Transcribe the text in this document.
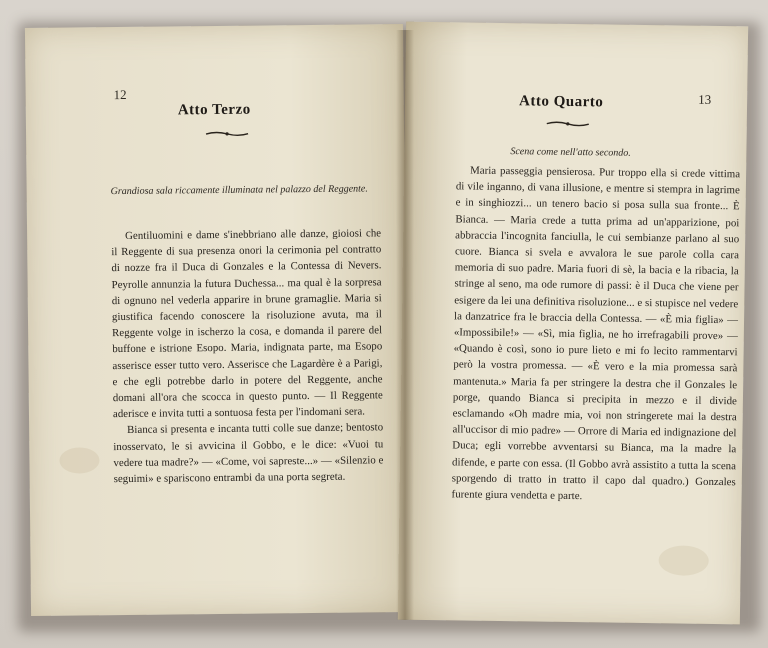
12
Atto Terzo
Grandiosa sala riccamente illuminata nel palazzo del Reggente.

Gentiluomini e dame s'inebbriano alle danze, gioiosi che il Reggente di sua presenza onori la cerimonia pel contratto di nozze fra il Duca di Gonzales e la Contessa di Nevers. Peyrolle annunzia la futura Duchessa... ma qual è la sorpresa di ognuno nel vederla apparire in brune gramaglie. Maria si giustifica facendo conoscere la risoluzione avuta, ma il Reggente volge in ischerzo la cosa, e domanda il parere del buffone e istrione Esopo. Maria, indignata parte, ma Esopo asserisce esser tutto vero. Asserisce che Lagardère è a Parigi, e che egli potrebbe darlo in potere del Reggente, anche domani all'ora che scocca in questo punto. — Il Reggente aderisce e invita tutti a sontuosa festa per l'indomani sera.

Bianca si presenta e incanta tutti colle sue danze; bentosto inosservato, le si avvicina il Gobbo, e le dice: «Vuoi tu vedere tua madre?» — «Come, voi sapreste...» — «Silenzio e seguimi» e spariscono entrambi da una porta segreta.

13
Atto Quarto
Scena come nell'atto secondo.

Maria passeggia pensierosa. Pur troppo ella si crede vittima di vile inganno, di vana illusione, e mentre si stempra in lagrime e in singhiozzi... un tenero bacio si posa sulla sua fronte... È Bianca. — Maria crede a tutta prima ad un'apparizione, poi abbraccia l'incognita fanciulla, le cui sembianze parlano al suo cuore. Bianca si svela e avvalora le sue parole colla cara memoria di suo padre. Maria fuori di sè, la bacia e la ribacia, la stringe al seno, ma ode rumore di passi: è il Duca che viene per esigere da lei una definitiva risoluzione... e si stupisce nel vedere la danzatrice fra le braccia della Contessa. — «È mia figlia» — «Impossibile!» — «Sì, mia figlia, ne ho irrefragabili prove» — «Quando è così, sono io pure lieto e mi fo lecito rammentarvi però la vostra promessa. — «È vero e la mia promessa sarà mantenuta.» Maria fa per stringere la destra che il Gonzales le porge, quando Bianca si precipita in mezzo e il divide esclamando «Oh madre mia, voi non stringerete mai la destra all'uccisor di mio padre» — Orrore di Maria ed indignazione del Duca; egli vorrebbe avventarsi su Bianca, ma la madre la difende, e parte con essa. (Il Gobbo avrà assistito a tutta la scena sporgendo di tratto in tratto il capo dal quadro.) Gonzales furente giura vendetta e parte.
